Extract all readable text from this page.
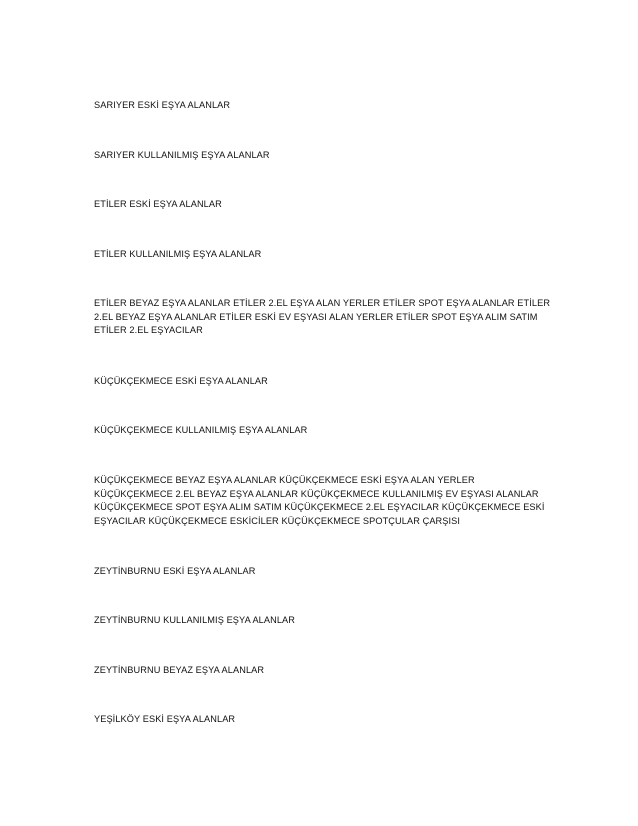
SARIYER ESKİ EŞYA ALANLAR

SARIYER KULLANILMIŞ EŞYA ALANLAR

ETİLER ESKİ EŞYA ALANLAR

ETİLER KULLANILMIŞ EŞYA ALANLAR

ETİLER BEYAZ EŞYA ALANLAR ETİLER 2.EL EŞYA ALAN YERLER ETİLER SPOT EŞYA ALANLAR ETİLER 2.EL BEYAZ EŞYA ALANLAR ETİLER ESKİ EV EŞYASI ALAN YERLER ETİLER SPOT EŞYA ALIM SATIM ETİLER 2.EL EŞYACILAR

KÜÇÜKÇEKMECE ESKİ EŞYA ALANLAR

KÜÇÜKÇEKMECE KULLANILMIŞ EŞYA ALANLAR

KÜÇÜKÇEKMECE BEYAZ EŞYA ALANLAR KÜÇÜKÇEKMECE ESKİ EŞYA ALAN YERLER KÜÇÜKÇEKMECE 2.EL BEYAZ EŞYA ALANLAR KÜÇÜKÇEKMECE KULLANILMIŞ EV EŞYASI ALANLAR KÜÇÜKÇEKMECE SPOT EŞYA ALIM SATIM KÜÇÜKÇEKMECE 2.EL EŞYACILAR KÜÇÜKÇEKMECE ESKİ EŞYACILAR KÜÇÜKÇEKMECE ESKİCİLER KÜÇÜKÇEKMECE SPOTÇULAR ÇARŞISI

ZEYTİNBURNU ESKİ EŞYA ALANLAR

ZEYTİNBURNU KULLANILMIŞ EŞYA ALANLAR

ZEYTİNBURNU BEYAZ EŞYA ALANLAR

YEŞİLKÖY ESKİ EŞYA ALANLAR
